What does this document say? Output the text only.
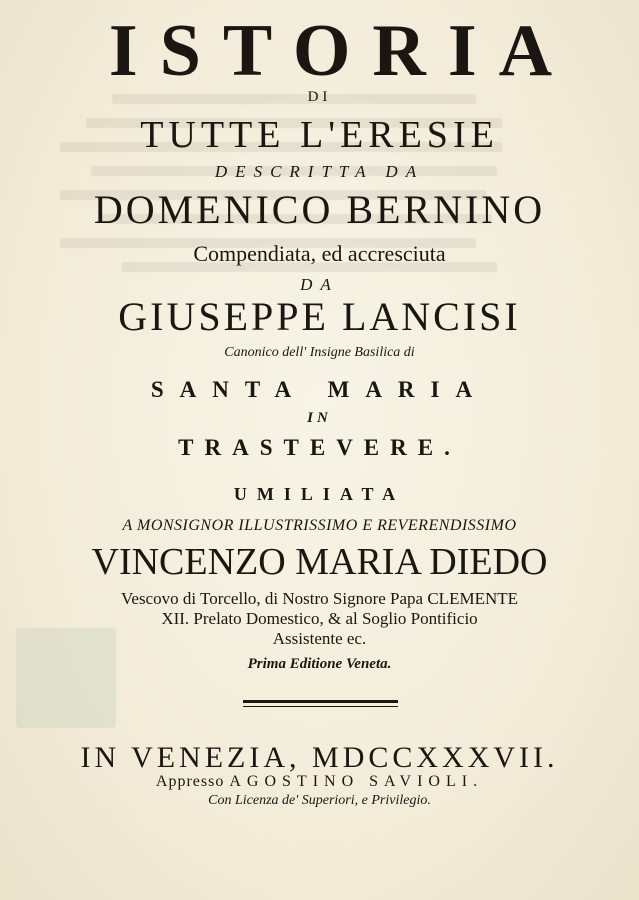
ISTORIA
DI
TUTTE L'ERESIE
DESCRITTA DA
DOMENICO BERNINO
Compendiata, ed accresciuta
DA
GIUSEPPE LANCISI
Canonico dell' Insigne Basilica di
SANTA MARIA
IN
TRASTEVERE.
UMILIATA
A MONSIGNOR ILLUSTRISSIMO E REVERENDISSIMO
VINCENZO MARIA DIEDO
Vescovo di Torcello, di Nostro Signore Papa CLEMENTE
XII. Prelato Domestico, & al Soglio Pontificio
Assistente ec.
Prima Editione Veneta.
IN VENEZIA, MDCCXXXVII.
Appresso AGOSTINO SAVIOLI.
Con Licenza de' Superiori, e Privilegio.
